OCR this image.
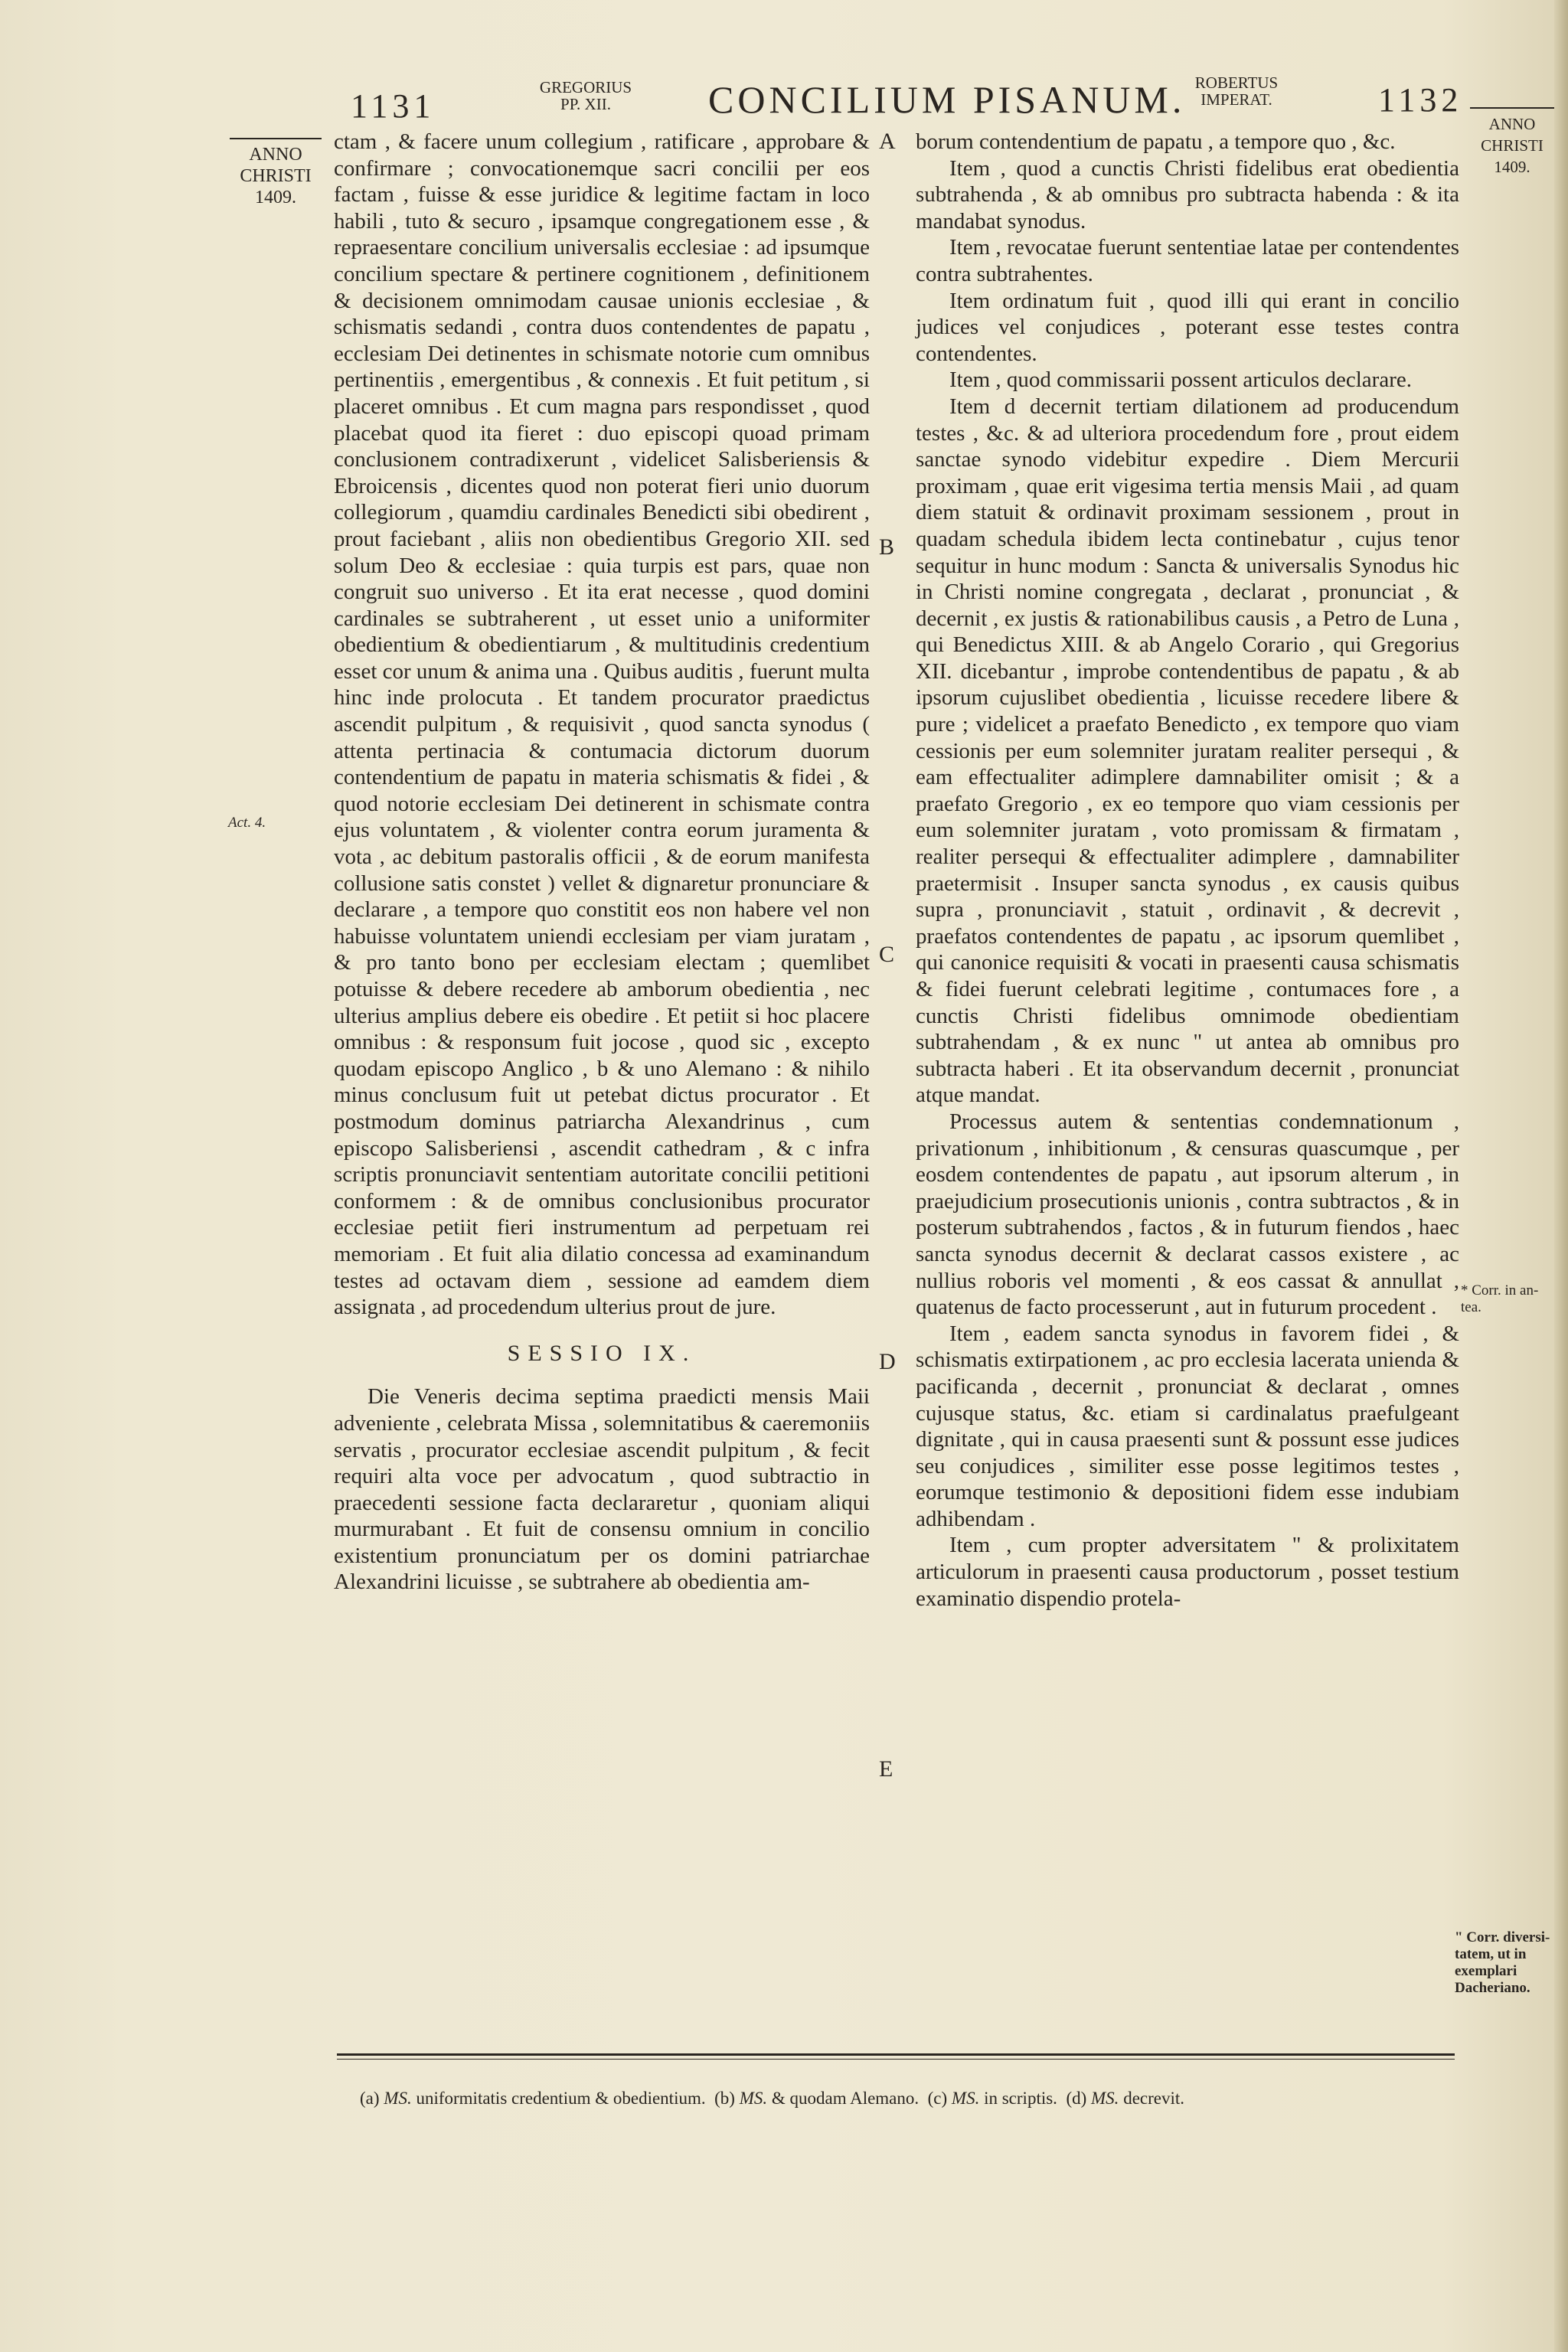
1131	GREGORIUS
PP. XII.	CONCILIUM PISANUM. ROBERTUS
IMPERAT.	1132
ANNO
CHRISTI
1409.
Act. 4.
ANNO
CHRISTI
1409.
* Corr. in an-
tea.
" Corr. diversi-
tatem, ut in
exemplari
Dacheriano.
A
B
C
D
E

ctam , & facere unum collegium , ratificare , approbare & confirmare ; convocationemque sacri concilii per eos factam , fuisse & esse juridice & legitime factam in loco habili , tuto & securo , ipsamque congregationem esse , & repraesentare concilium universalis ecclesiae : ad ipsumque concilium spectare & pertinere cognitionem , definitionem & decisionem omnimodam causae unionis ecclesiae , & schismatis sedandi , contra duos contendentes de papatu , ecclesiam Dei detinentes in schismate notorie cum omnibus pertinentiis , emergentibus , & connexis . Et fuit petitum , si placeret omnibus . Et cum magna pars respondisset , quod placebat quod ita fieret : duo episcopi quoad primam conclusionem contradixerunt , videlicet Salisberiensis & Ebroicensis , dicentes quod non poterat fieri unio duorum collegiorum , quamdiu cardinales Benedicti sibi obedirent , prout faciebant , aliis non obedientibus Gregorio XII. sed solum Deo & ecclesiae : quia turpis est pars, quae non congruit suo universo . Et ita erat necesse , quod domini cardinales se subtraherent , ut esset unio a uniformiter obedientium & obedientiarum , & multitudinis credentium esset cor unum & anima una . Quibus auditis , fuerunt multa hinc inde prolocuta . Et tandem procurator praedictus ascendit pulpitum , & requisivit , quod sancta synodus ( attenta pertinacia & contumacia dictorum duorum contendentium de papatu in materia schismatis & fidei , & quod notorie ecclesiam Dei detinerent in schismate contra ejus voluntatem , & violenter contra eorum juramenta & vota , ac debitum pastoralis officii , & de eorum manifesta collusione satis constet ) vellet & dignaretur pronunciare & declarare , a tempore quo constitit eos non habere vel non habuisse voluntatem uniendi ecclesiam per viam juratam , & pro tanto bono per ecclesiam electam ; quemlibet potuisse & debere recedere ab amborum obedientia , nec ulterius amplius debere eis obedire . Et petiit si hoc placere omnibus : & responsum fuit jocose , quod sic , excepto quodam episcopo Anglico , b & uno Alemano : & nihilo minus conclusum fuit ut petebat dictus procurator . Et postmodum dominus patriarcha Alexandrinus , cum episcopo Salisberiensi , ascendit cathedram , & c infra scriptis pronunciavit sententiam autoritate concilii petitioni conformem : & de omnibus conclusionibus procurator ecclesiae petiit fieri instrumentum ad perpetuam rei memoriam . Et fuit alia dilatio concessa ad examinandum testes ad octavam diem , sessione ad eamdem diem assignata , ad procedendum ulterius prout de jure.

SESSIO IX.

Die Veneris decima septima praedicti mensis Maii adveniente , celebrata Missa , solemnitatibus & caeremoniis servatis , procurator ecclesiae ascendit pulpitum , & fecit requiri alta voce per advocatum , quod subtractio in praecedenti sessione facta declararetur , quoniam aliqui murmurabant . Et fuit de consensu omnium in concilio existentium pronunciatum per os domini patriarchae Alexandrini licuisse , se subtrahere ab obedientia am-

borum contendentium de papatu , a tempore quo , &c.

Item , quod a cunctis Christi fidelibus erat obedientia subtrahenda , & ab omnibus pro subtracta habenda : & ita mandabat synodus.

Item , revocatae fuerunt sententiae latae per contendentes contra subtrahentes.

Item ordinatum fuit , quod illi qui erant in concilio judices vel conjudices , poterant esse testes contra contendentes.

Item , quod commissarii possent articulos declarare.

Item d decernit tertiam dilationem ad producendum testes , &c. & ad ulteriora procedendum fore , prout eidem sanctae synodo videbitur expedire . Diem Mercurii proximam , quae erit vigesima tertia mensis Maii , ad quam diem statuit & ordinavit proximam sessionem , prout in quadam schedula ibidem lecta continebatur , cujus tenor sequitur in hunc modum : Sancta & universalis Synodus hic in Christi nomine congregata , declarat , pronunciat , & decernit , ex justis & rationabilibus causis , a Petro de Luna , qui Benedictus XIII. & ab Angelo Corario , qui Gregorius XII. dicebantur , improbe contendentibus de papatu , & ab ipsorum cujuslibet obedientia , licuisse recedere libere & pure ; videlicet a praefato Benedicto , ex tempore quo viam cessionis per eum solemniter juratam realiter persequi , & eam effectualiter adimplere damnabiliter omisit ; & a praefato Gregorio , ex eo tempore quo viam cessionis per eum solemniter juratam , voto promissam & firmatam , realiter persequi & effectualiter adimplere , damnabiliter praetermisit . Insuper sancta synodus , ex causis quibus supra , pronunciavit , statuit , ordinavit , & decrevit , praefatos contendentes de papatu , ac ipsorum quemlibet , qui canonice requisiti & vocati in praesenti causa schismatis & fidei fuerunt celebrati legitime , contumaces fore , a cunctis Christi fidelibus omnimode obedientiam subtrahendam , & ex nunc " ut antea ab omnibus pro subtracta haberi . Et ita observandum decernit , pronunciat atque mandat.

Processus autem & sententias condemnationum , privationum , inhibitionum , & censuras quascumque , per eosdem contendentes de papatu , aut ipsorum alterum , in praejudicium prosecutionis unionis , contra subtractos , & in posterum subtrahendos , factos , & in futurum fiendos , haec sancta synodus decernit & declarat cassos existere , ac nullius roboris vel momenti , & eos cassat & annullat , quatenus de facto processerunt , aut in futurum procedent .

Item , eadem sancta synodus in favorem fidei , & schismatis extirpationem , ac pro ecclesia lacerata unienda & pacificanda , decernit , pronunciat & declarat , omnes cujusque status, &c. etiam si cardinalatus praefulgeant dignitate , qui in causa praesenti sunt & possunt esse judices seu conjudices , similiter esse posse legitimos testes , eorumque testimonio & depositioni fidem esse indubiam adhibendam .

Item , cum propter adversitatem " & prolixitatem articulorum in praesenti causa productorum , posset testium examinatio dispendio protela-

(a) MS. uniformitatis credentium & obedientium. (b) MS. & quodam Alemano. (c) MS. in scriptis. (d) MS. decrevit.
